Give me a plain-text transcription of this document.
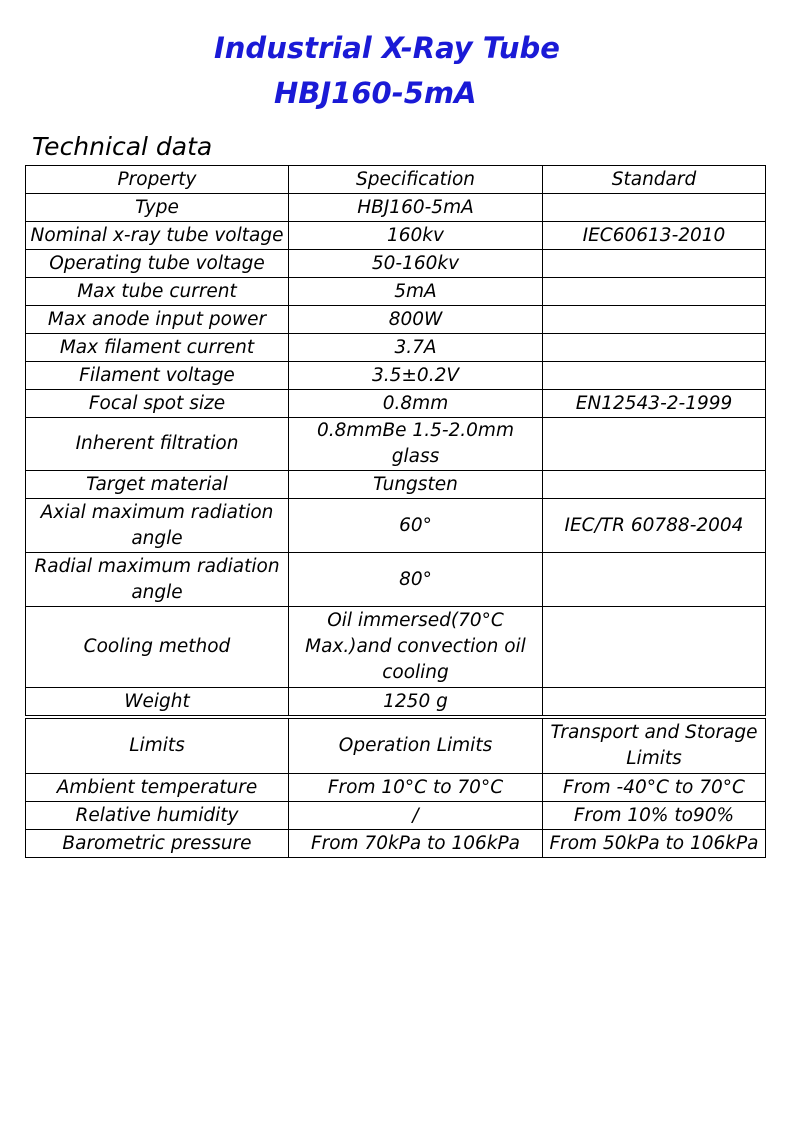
Industrial X-Ray Tube
HBJ160-5mA
Technical data
Property	Specification	Standard
Type	HBJ160-5mA	
Nominal x-ray tube voltage	160kv	IEC60613-2010
Operating tube voltage	50-160kv	
Max tube current	5mA	
Max anode input power	800W	
Max filament current	3.7A	
Filament voltage	3.5±0.2V	
Focal spot size	0.8mm	EN12543-2-1999
Inherent filtration	0.8mmBe 1.5-2.0mm glass	
Target material	Tungsten	
Axial maximum radiation angle	60°	IEC/TR 60788-2004
Radial maximum radiation angle	80°	
Cooling method	Oil immersed(70°C Max.)and convection oil cooling	
Weight	1250 g	
Limits	Operation Limits	Transport and Storage Limits
Ambient temperature	From 10°C to 70°C	From -40°C to 70°C
Relative humidity	/	From 10% to90%
Barometric pressure	From 70kPa to 106kPa	From 50kPa to 106kPa
